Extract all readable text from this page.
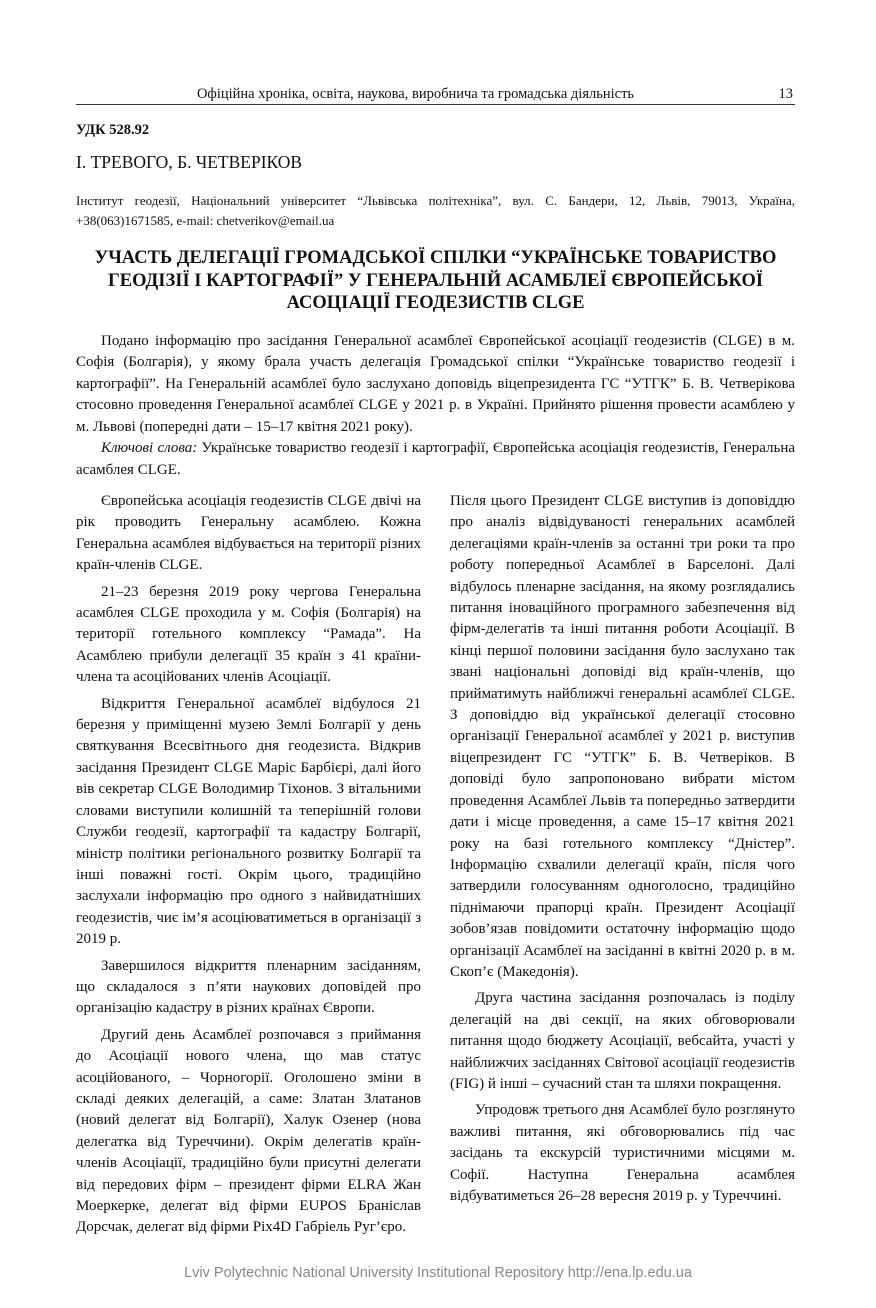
Офіційна хроніка, освіта, наукова, виробнича та громадська діяльність	13
УДК 528.92
І. ТРЕВОГО, Б. ЧЕТВЕРІКОВ
Інститут геодезії, Національний університет “Львівська політехніка”, вул. С. Бандери, 12, Львів, 79013, Україна, +38(063)1671585, e-mail: chetverikov@email.ua
УЧАСТЬ ДЕЛЕГАЦІЇ ГРОМАДСЬКОЇ СПІЛКИ “УКРАЇНСЬКЕ ТОВАРИСТВО ГЕОДІЗІЇ І КАРТОГРАФІЇ” У ГЕНЕРАЛЬНІЙ АСАМБЛЕЇ ЄВРОПЕЙСЬКОЇ АСОЦІАЦІЇ ГЕОДЕЗИСТІВ CLGE

Подано інформацію про засідання Генеральної асамблеї Європейської асоціації геодезистів (CLGE) в м. Софія (Болгарія), у якому брала участь делегація Громадської спілки “Українське товариство геодезії і картографії”. На Генеральній асамблеї було заслухано доповідь віцепрезидента ГС “УТГК” Б. В. Четверікова стосовно проведення Генеральної асамблеї CLGE у 2021 р. в Україні. Прийнято рішення провести асамблею у м. Львові (попередні дати – 15–17 квітня 2021 року).

Ключові слова: Українське товариство геодезії і картографії, Європейська асоціація геодезистів, Генеральна асамблея CLGE.

Європейська асоціація геодезистів CLGE двічі на рік проводить Генеральну асамблею. Кожна Генеральна асамблея відбувається на території різних країн-членів CLGE.

21–23 березня 2019 року чергова Генеральна асамблея CLGE проходила у м. Софія (Болгарія) на території готельного комплексу “Рамада”. На Асамблею прибули делегації 35 країн з 41 країни-члена та асоційованих членів Асоціації.

Відкриття Генеральної асамблеї відбулося 21 березня у приміщенні музею Землі Болгарії у день святкування Всесвітнього дня геодезиста. Відкрив засідання Президент CLGE Маріс Барбієрі, далі його вів секретар CLGE Володимир Тіхонов. З вітальними словами виступили колишній та теперішній голови Служби геодезії, картографії та кадастру Болгарії, міністр політики регіонального розвитку Болгарії та інші поважні гості. Окрім цього, традиційно заслухали інформацію про одного з найвидатніших геодезистів, чиє ім’я асоціюватиметься в організації з 2019 р.

Завершилося відкриття пленарним засіданням, що складалося з п’яти наукових доповідей про організацію кадастру в різних країнах Європи.

Другий день Асамблеї розпочався з приймання до Асоціації нового члена, що мав статус асоційованого, – Чорногорії. Оголошено зміни в складі деяких делегацій, а саме: Златан Златанов (новий делегат від Болгарії), Халук Озенер (нова делегатка від Туреччини). Окрім делегатів країн-членів Асоціації, традиційно були присутні делегати від передових фірм – президент фірми ELRA Жан Моеркерке, делегат від фірми EUPOS Браніслав Дорсчак, делегат від фірми Pix4D Габріель Руг’єро.

Після цього Президент CLGE виступив із доповіддю про аналіз відвідуваності генеральних асамблей делегаціями країн-членів за останні три роки та про роботу попередньої Асамблеї в Барселоні. Далі відбулось пленарне засідання, на якому розглядались питання іноваційного програмного забезпечення від фірм-делегатів та інші питання роботи Асоціації. В кінці першої половини засідання було заслухано так звані національні доповіді від країн-членів, що прийматимуть найближчі генеральні асамблеї CLGE. З доповіддю від української делегації стосовно організації Генеральної асамблеї у 2021 р. виступив віцепрезидент ГС “УТГК” Б. В. Четверіков. В доповіді було запропоновано вибрати містом проведення Асамблеї Львів та попередньо затвердити дати і місце проведення, а саме 15–17 квітня 2021 року на базі готельного комплексу “Дністер”. Інформацію схвалили делегації країн, після чого затвердили голосуванням одноголосно, традиційно піднімаючи прапорці країн. Президент Асоціації зобов’язав повідомити остаточну інформацію щодо організації Асамблеї на засіданні в квітні 2020 р. в м. Скоп’є (Македонія).

Друга частина засідання розпочалась із поділу делегацій на дві секції, на яких обговорювали питання щодо бюджету Асоціації, вебсайта, участі у найближчих засіданнях Світової асоціації геодезистів (FIG) й інші – сучасний стан та шляхи покращення.

Упродовж третього дня Асамблеї було розглянуто важливі питання, які обговорювались під час засідань та екскурсій туристичними місцями м. Софії. Наступна Генеральна асамблея відбуватиметься 26–28 вересня 2019 р. у Туреччині.

Lviv Polytechnic National University Institutional Repository http://ena.lp.edu.ua
